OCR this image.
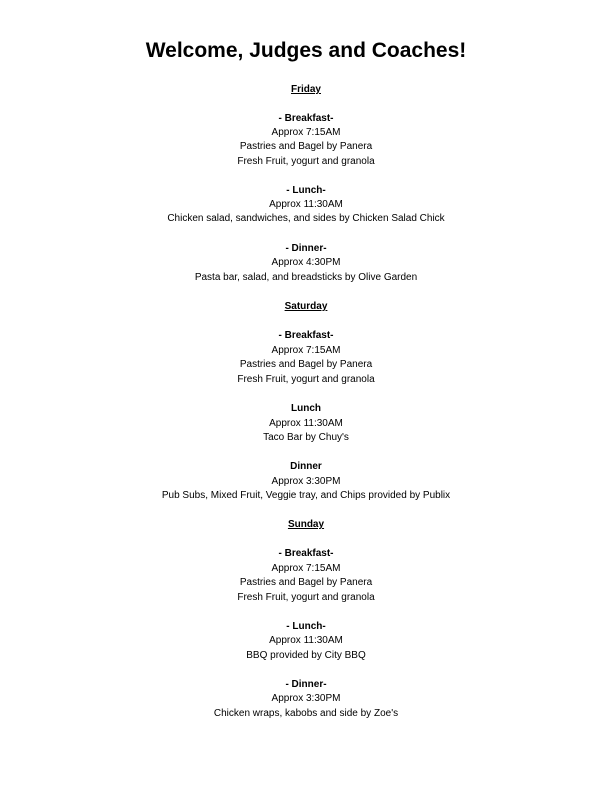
Welcome, Judges and Coaches!
Friday
- Breakfast-
Approx 7:15AM
Pastries and Bagel by Panera
Fresh Fruit, yogurt and granola
- Lunch-
Approx 11:30AM
Chicken salad, sandwiches, and sides by Chicken Salad Chick
- Dinner-
Approx 4:30PM
Pasta bar, salad, and breadsticks by Olive Garden
Saturday
- Breakfast-
Approx 7:15AM
Pastries and Bagel by Panera
Fresh Fruit, yogurt and granola
Lunch
Approx 11:30AM
Taco Bar by Chuy's
Dinner
Approx 3:30PM
Pub Subs, Mixed Fruit, Veggie tray, and Chips provided by Publix
Sunday
- Breakfast-
Approx 7:15AM
Pastries and Bagel by Panera
Fresh Fruit, yogurt and granola
- Lunch-
Approx 11:30AM
BBQ provided by City BBQ
- Dinner-
Approx 3:30PM
Chicken wraps, kabobs and side by Zoe's
